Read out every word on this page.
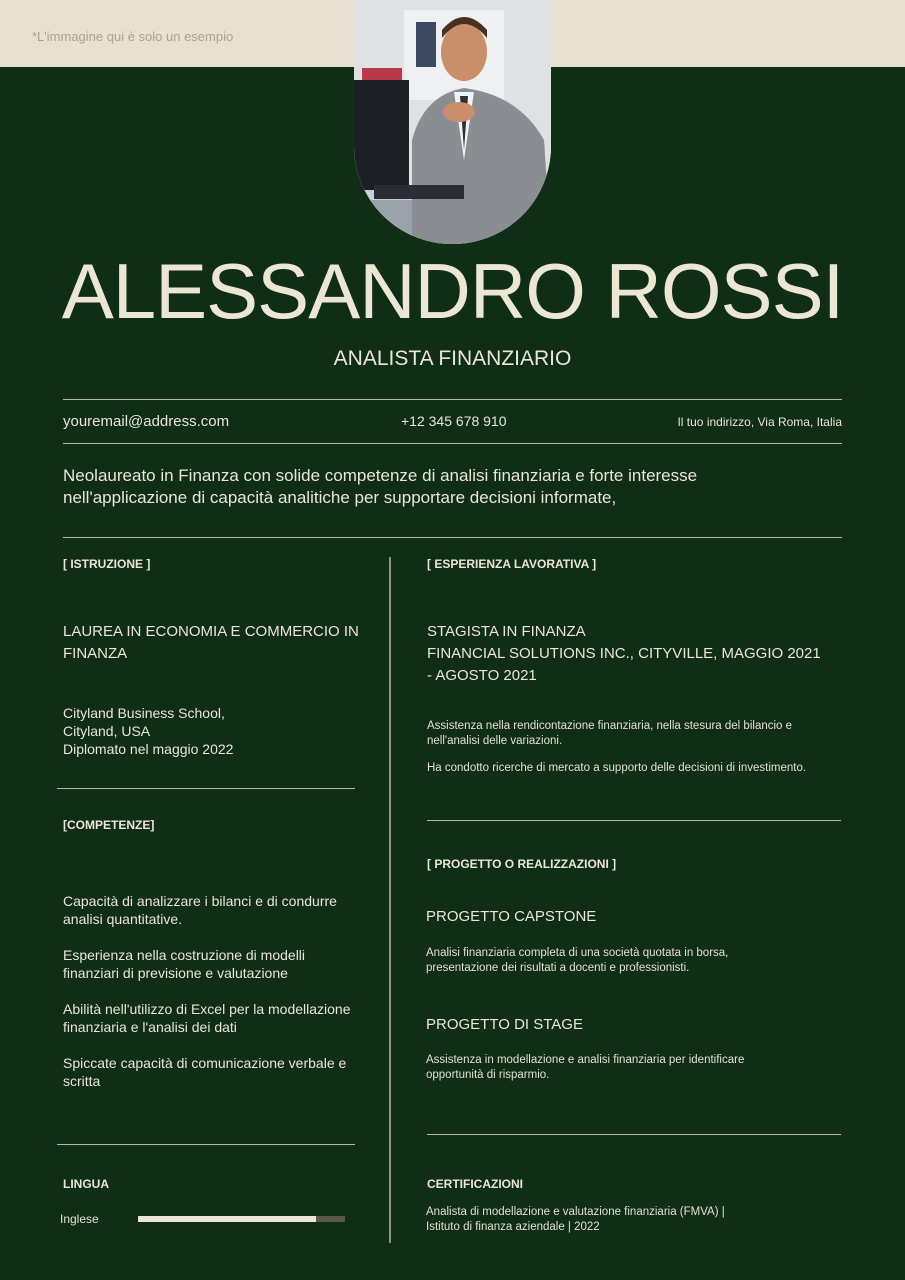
*L'immagine qui è solo un esempio
ALESSANDRO ROSSI
ANALISTA FINANZIARIO
youremail@address.com	+12 345 678 910	Il tuo indirizzo, Via Roma, Italia
Neolaureato in Finanza con solide competenze di analisi finanziaria e forte interesse nell'applicazione di capacità analitiche per supportare decisioni informate,
[ ISTRUZIONE ]
LAUREA IN ECONOMIA E COMMERCIO IN FINANZA
Cityland Business School,
Cityland, USA
Diplomato nel maggio 2022
[COMPETENZE]
Capacità di analizzare i bilanci e di condurre analisi quantitative.
Esperienza nella costruzione di modelli finanziari di previsione e valutazione
Abilità nell'utilizzo di Excel per la modellazione finanziaria e l'analisi dei dati
Spiccate capacità di comunicazione verbale e scritta
LINGUA
Inglese
[ ESPERIENZA LAVORATIVA ]
STAGISTA IN FINANZA
FINANCIAL SOLUTIONS INC., CITYVILLE, MAGGIO 2021 - AGOSTO 2021
Assistenza nella rendicontazione finanziaria, nella stesura del bilancio e nell'analisi delle variazioni.
Ha condotto ricerche di mercato a supporto delle decisioni di investimento.
[ PROGETTO O REALIZZAZIONI ]
PROGETTO CAPSTONE
Analisi finanziaria completa di una società quotata in borsa, presentazione dei risultati a docenti e professionisti.
PROGETTO DI STAGE
Assistenza in modellazione e analisi finanziaria per identificare opportunità di risparmio.
CERTIFICAZIONI
Analista di modellazione e valutazione finanziaria (FMVA) | Istituto di finanza aziendale | 2022
